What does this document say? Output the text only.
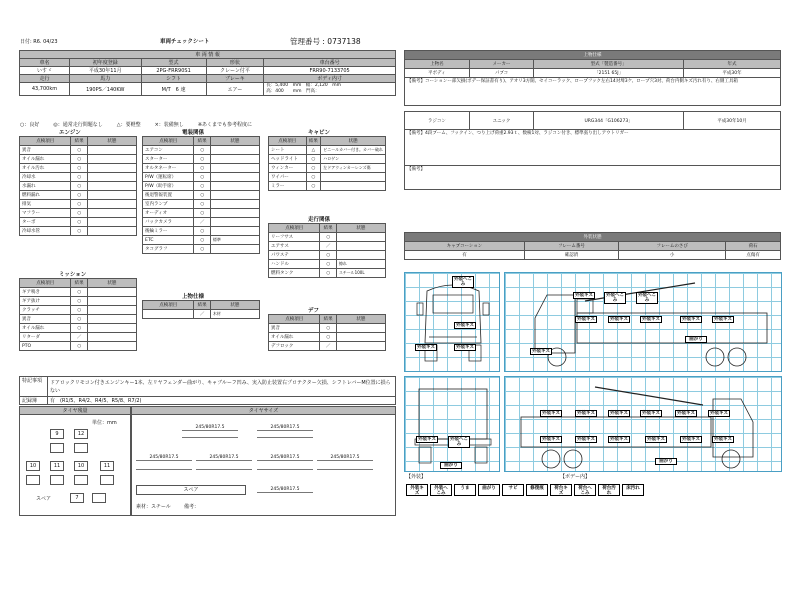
日付: R6. 04/23	車両チェックシート	管理番号 : 0737138
車 両 情 報				
車名	初年度登録	型式	形状	車台番号
いすゞ	平成30年11月	2PG-FRR90S1	クレーン付平	FRR90-7133705
走行	馬力	シフト	ブレーキ	ボディ内寸
43,700km	190PS／140KW	M/T　6 速	エアー	長：5,400　mm　幅：2,120　mm
高：400　　mm　門高：
○：良好	◎：通常走行問題なし	△：要軽整	×：装備無し	※あくまでも参考程度に
エンジン
点検項目	結果	状態
異音	○	
オイル漏れ	○	
オイル汚れ	○	
冷却水	○	
水漏れ	○	
燃料漏れ	○	
排気	○	
マフラー	○	
ターボ	○	
冷却水管	○	
ミッション
点検項目	結果	状態
ギア鳴き	○	
ギア抜け	○	
クラッチ	○	
異音	○	
オイル漏れ	○	
リターダ	／	
PTO	○	
電装関係
点検項目	結果	状態
エアコン	○	
スターター	○	
オルタネーター	○	
P/W（運転席）	○	
P/W（助手席）	○	
後退警報装置	○	
室内ランプ	○	
オーディオ	○	
バックカメラ	／	
後輪ミラー	○	
ETC	○	標準
タコグラフ	○	
上物仕様
点検項目	結果	状態
	／	木材
キャビン
点検項目	結果	状態
シート	△	ビニールカバー付き。カバー破れ
ヘッドライト	○	ハロゲン
ウィンカー	○	左ドアウィンカーレンズ傷
ワイパー	○	
ミラー	○	
走行関係
点検項目	結果	状態
リーフサス	○	
エアサス	／	
パワステ	○	
ハンドル	○	擦れ
燃料タンク	○	スチール100L
デフ
点検項目	結果	状態
異音	○	
オイル漏れ	○	
デフロック	／	
特記事項	ドアロックリモコン付きエンジンキー1本、左リヤフェンダー曲がり、キャブルーフ凹み、実入防止装置右プロテクター欠損、シフトレバーM位置に損らない
記録簿	有　(R1/5、R4/2、R4/5、R5/8、R7/2)
タイヤ残量
単位：mm
9	12
10	11	10	11
スペア	7
タイヤサイズ
245/80R17.5	245/80R17.5
245/80R17.5	245/80R17.5	245/80R17.5	245/80R17.5
スペア	245/80R17.5
素材：スチール	備考：
上物仕様			
上物名	メーカー	型式「製造番号」	年式
平ボディ	パブコ	「2151 65J」	平成30年
【備考】コーションー部欠損(ボデー保証書有り)、アオリ3方開、セイコーラック、ロープフック左右14対埼3ケ、ロープ穴3対、荷台内側キズ汚れ有り、右側工具箱			

ラジコン	ユニック	URG344「G106273」	平成30年10月
【備考】4段ブーム、フックイン、つり上げ荷重2.93ｔ、数検1対、ラジコン付き、標準張り出しアウトリガー			
【備考】			
外装状態			
キャブコーション	フレーム番号	フレームのさび	荷石
有	確認済	小	点傷有
外装へこみ
外装キズ
外装キズ	外装キズ
外装キズ	外装へこみ
外装へこみ
外装キズ	外装キズ	外装キズ	外装キズ	外装キズ
外装キズ
曲がり
外装キズ	外装へこみ
曲がり
外装キズ	外装キズ	外装キズ	外装キズ	外装キズ	外装キズ
外装キズ	外装キズ	外装キズ	外装キズ	外装キズ	外装キズ
曲がり
【外装】	【ボデー内】
外装キズ外装へこみうま	曲がり	サビ	修復痕 荷台キズ荷台へこみ荷台汚れ床汚れ
